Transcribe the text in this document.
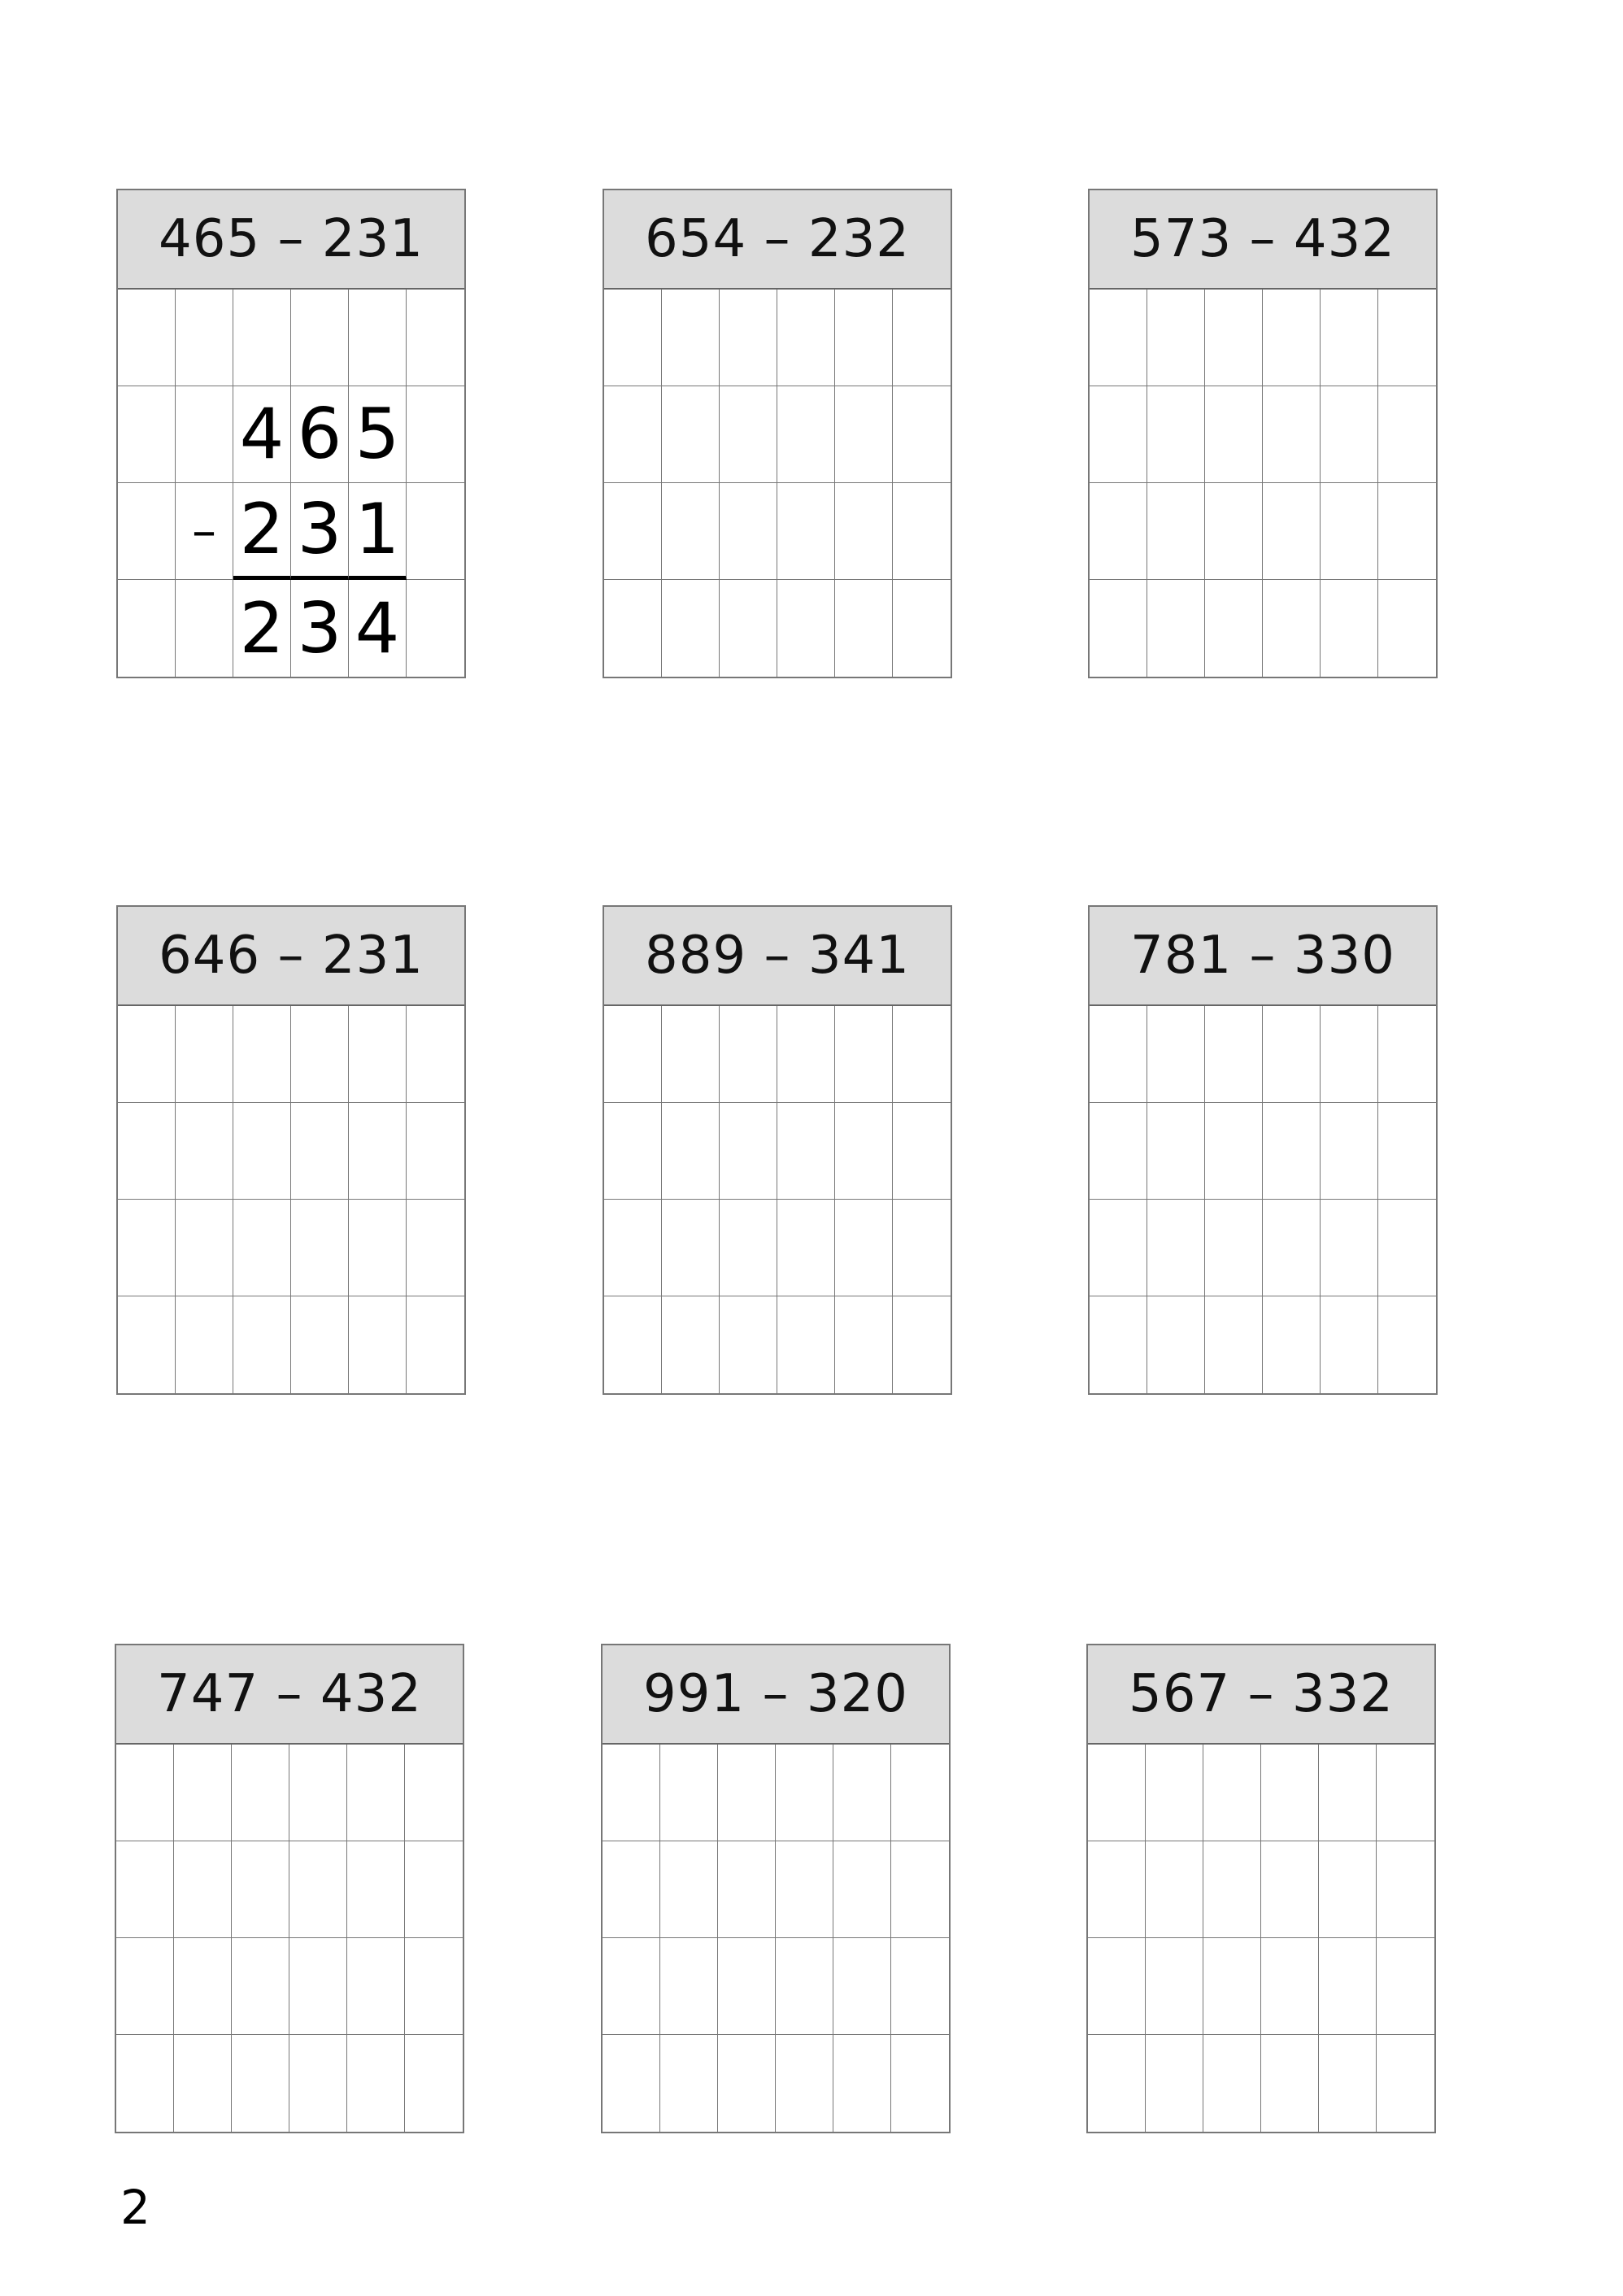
465 – 231
4 6 5
– 2 3 1
2 3 4
654 – 232	573 – 432
646 – 231	889 – 341	781 – 330
747 – 432	991 – 320	567 – 332
2
